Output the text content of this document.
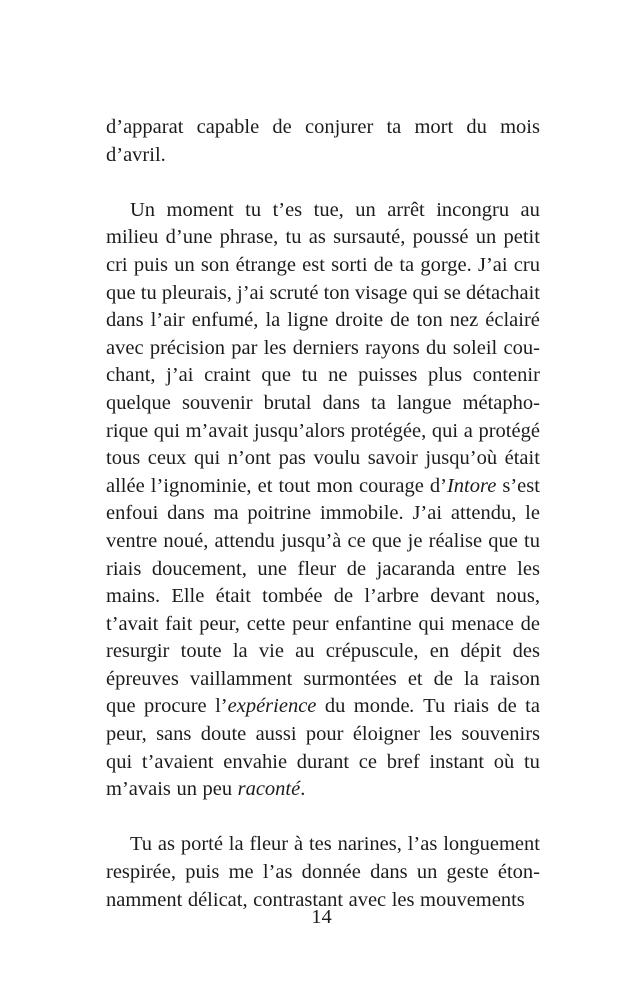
d’apparat capable de conjurer ta mort du mois
d’avril.
Un moment tu t’es tue, un arrêt incongru au
milieu d’une phrase, tu as sursauté, poussé un petit
cri puis un son étrange est sorti de ta gorge. J’ai cru
que tu pleurais, j’ai scruté ton visage qui se détachait
dans l’air enfumé, la ligne droite de ton nez éclairé
avec précision par les derniers rayons du soleil cou-
chant, j’ai craint que tu ne puisses plus contenir
quelque souvenir brutal dans ta langue métapho-
rique qui m’avait jusqu’alors protégée, qui a protégé
tous ceux qui n’ont pas voulu savoir jusqu’où était
allée l’ignominie, et tout mon courage d’Intore s’est
enfoui dans ma poitrine immobile. J’ai attendu, le
ventre noué, attendu jusqu’à ce que je réalise que tu
riais doucement, une fleur de jacaranda entre les
mains. Elle était tombée de l’arbre devant nous,
t’avait fait peur, cette peur enfantine qui menace de
resurgir toute la vie au crépuscule, en dépit des
épreuves vaillamment surmontées et de la raison
que procure l’expérience du monde. Tu riais de ta
peur, sans doute aussi pour éloigner les souvenirs
qui t’avaient envahie durant ce bref instant où tu
m’avais un peu raconté.
Tu as porté la fleur à tes narines, l’as longuement
respirée, puis me l’as donnée dans un geste éton-
namment délicat, contrastant avec les mouvements
14
